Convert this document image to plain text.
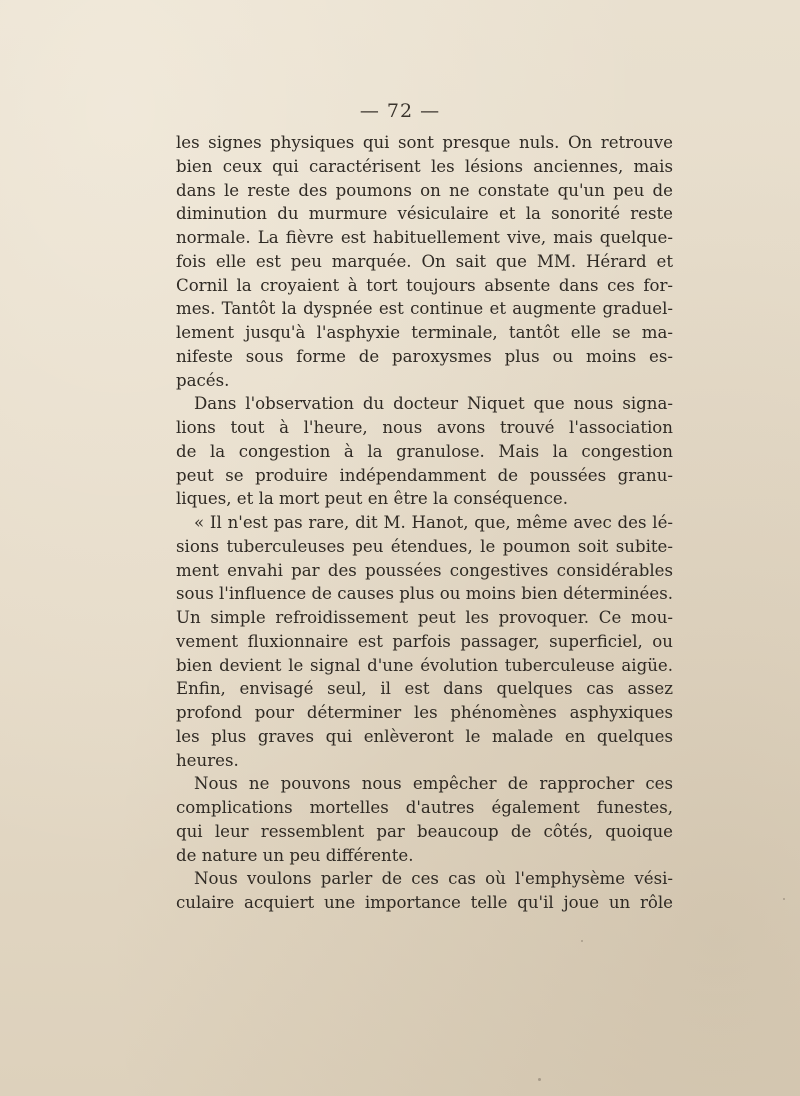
— 72 —
les signes physiques qui sont presque nuls. On retrouve
bien ceux qui caractérisent les lésions anciennes, mais
dans le reste des poumons on ne constate qu'un peu de
diminution du murmure vésiculaire et la sonorité reste
normale. La fièvre est habituellement vive, mais quelque-
fois elle est peu marquée. On sait que MM. Hérard et
Cornil la croyaient à tort toujours absente dans ces for-
mes. Tantôt la dyspnée est continue et augmente graduel-
lement jusqu'à l'asphyxie terminale, tantôt elle se ma-
nifeste sous forme de paroxysmes plus ou moins es-
pacés.
Dans l'observation du docteur Niquet que nous signa-
lions tout à l'heure, nous avons trouvé l'association
de la congestion à la granulose. Mais la congestion
peut se produire indépendamment de poussées granu-
liques, et la mort peut en être la conséquence.
« Il n'est pas rare, dit M. Hanot, que, même avec des lé-
sions tuberculeuses peu étendues, le poumon soit subite-
ment envahi par des poussées congestives considérables
sous l'influence de causes plus ou moins bien déterminées.
Un simple refroidissement peut les provoquer. Ce mou-
vement fluxionnaire est parfois passager, superficiel, ou
bien devient le signal d'une évolution tuberculeuse aigüe.
Enfin, envisagé seul, il est dans quelques cas assez
profond pour déterminer les phénomènes asphyxiques
les plus graves qui enlèveront le malade en quelques
heures.
Nous ne pouvons nous empêcher de rapprocher ces
complications mortelles d'autres également funestes,
qui leur ressemblent par beaucoup de côtés, quoique
de nature un peu différente.
Nous voulons parler de ces cas où l'emphysème vési-
culaire acquiert une importance telle qu'il joue un rôle
